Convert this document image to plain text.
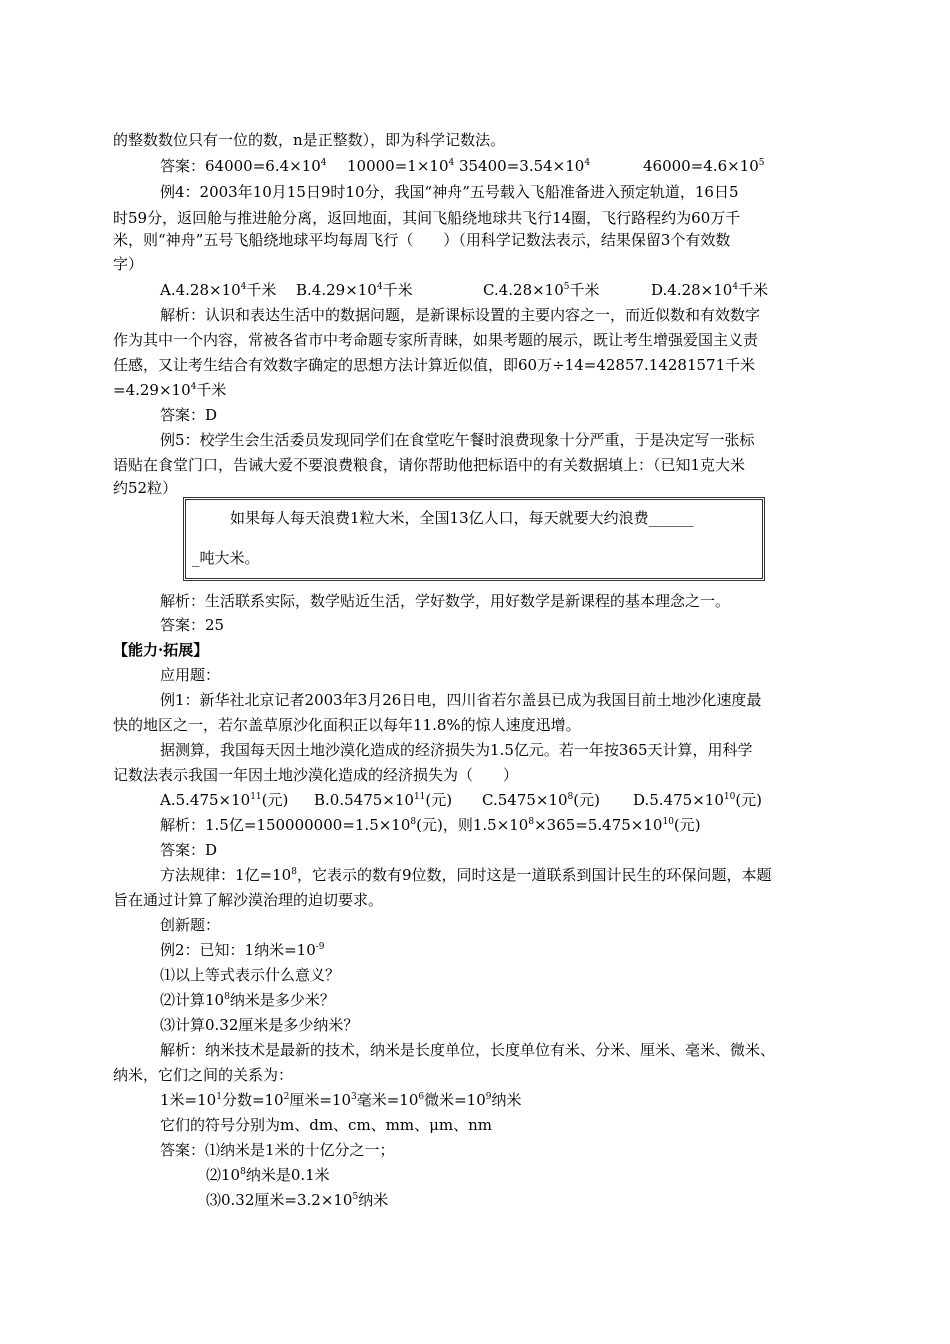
的整数数位只有一位的数，n是正整数），即为科学记数法。
答案：$64000=6.4\times 10^4$ $10000=1\times 10^4$ $35400=3.54\times 10^4$	$46000=4.6\times 10^5$
例4：2003年10月15日9时10分，我国“神舟”五号载入飞船准备进入预定轨道，16日5
时59分，返回舱与推进舱分离，返回地面，其间飞船绕地球共飞行14圈，飞行路程约为60万千
米，则“神舟”五号飞船绕地球平均每周飞行（　　）（用科学记数法表示，结果保留3个有效数
字）
$A.4.28\times 10^4$千米 $B.4.29\times 10^4$千米	$C.4.28\times 10^5$千米	$D.4.28\times 10^4$千米
解析：认识和表达生活中的数据问题，是新课标设置的主要内容之一，而近似数和有效数字
作为其中一个内容，常被各省市中考命题专家所青睐，如果考题的展示，既让考生增强爱国主义责
任感，又让考生结合有效数字确定的思想方法计算近似值，即60万÷14=42857.14281571千米
$=4.29\times 10^4$千米
答案：D
例5：校学生会生活委员发现同学们在食堂吃午餐时浪费现象十分严重，于是决定写一张标
语贴在食堂门口，告诫大爱不要浪费粮食，请你帮助他把标语中的有关数据填上：（已知1克大米
约52粒）
如果每人每天浪费1粒大米，全国13亿人口，每天就要大约浪费______
_吨大米。
解析：生活联系实际，数学贴近生活，学好数学，用好数学是新课程的基本理念之一。
答案：25
【能力·拓展】
应用题：
例1：新华社北京记者2003年3月26日电，四川省若尔盖县已成为我国目前土地沙化速度最
快的地区之一，若尔盖草原沙化面积正以每年11.8%的惊人速度迅增。
据测算，我国每天因土地沙漠化造成的经济损失为1.5亿元。若一年按365天计算，用科学
记数法表示我国一年因土地沙漠化造成的经济损失为（　　）
$A.5.475\times 10^{11}$(元) $B.0.5475\times 10^{11}$(元) $C.5475\times 10^8$(元) $D.5.475\times 10^{10}$(元)
解析：1.5亿$=150000000=1.5\times 10^8$(元)，则$1.5\times 10^8\times 365=5.475\times 10^{10}$(元)
答案：D
方法规律：1亿$=10^8$，它表示的数有9位数，同时这是一道联系到国计民生的环保问题，本题
旨在通过计算了解沙漠治理的迫切要求。
创新题：
例2：已知：1纳米$=10^{-9}$
⑴以上等式表示什么意义？
⑵计算$10^8$纳米是多少米？
⑶计算0.32厘米是多少纳米？
解析：纳米技术是最新的技术，纳米是长度单位，长度单位有米、分米、厘米、毫米、微米、
纳米，它们之间的关系为：
1米$=10^1$分数$=10^2$厘米$=10^3$毫米$=10^6$微米$=10^9$纳米
它们的符号分别为m、dm、cm、mm、μm、nm
答案：⑴纳米是1米的十亿分之一；
$⑵10^8$纳米是0.1米
⑶0.32厘米$=3.2\times 10^5$纳米
